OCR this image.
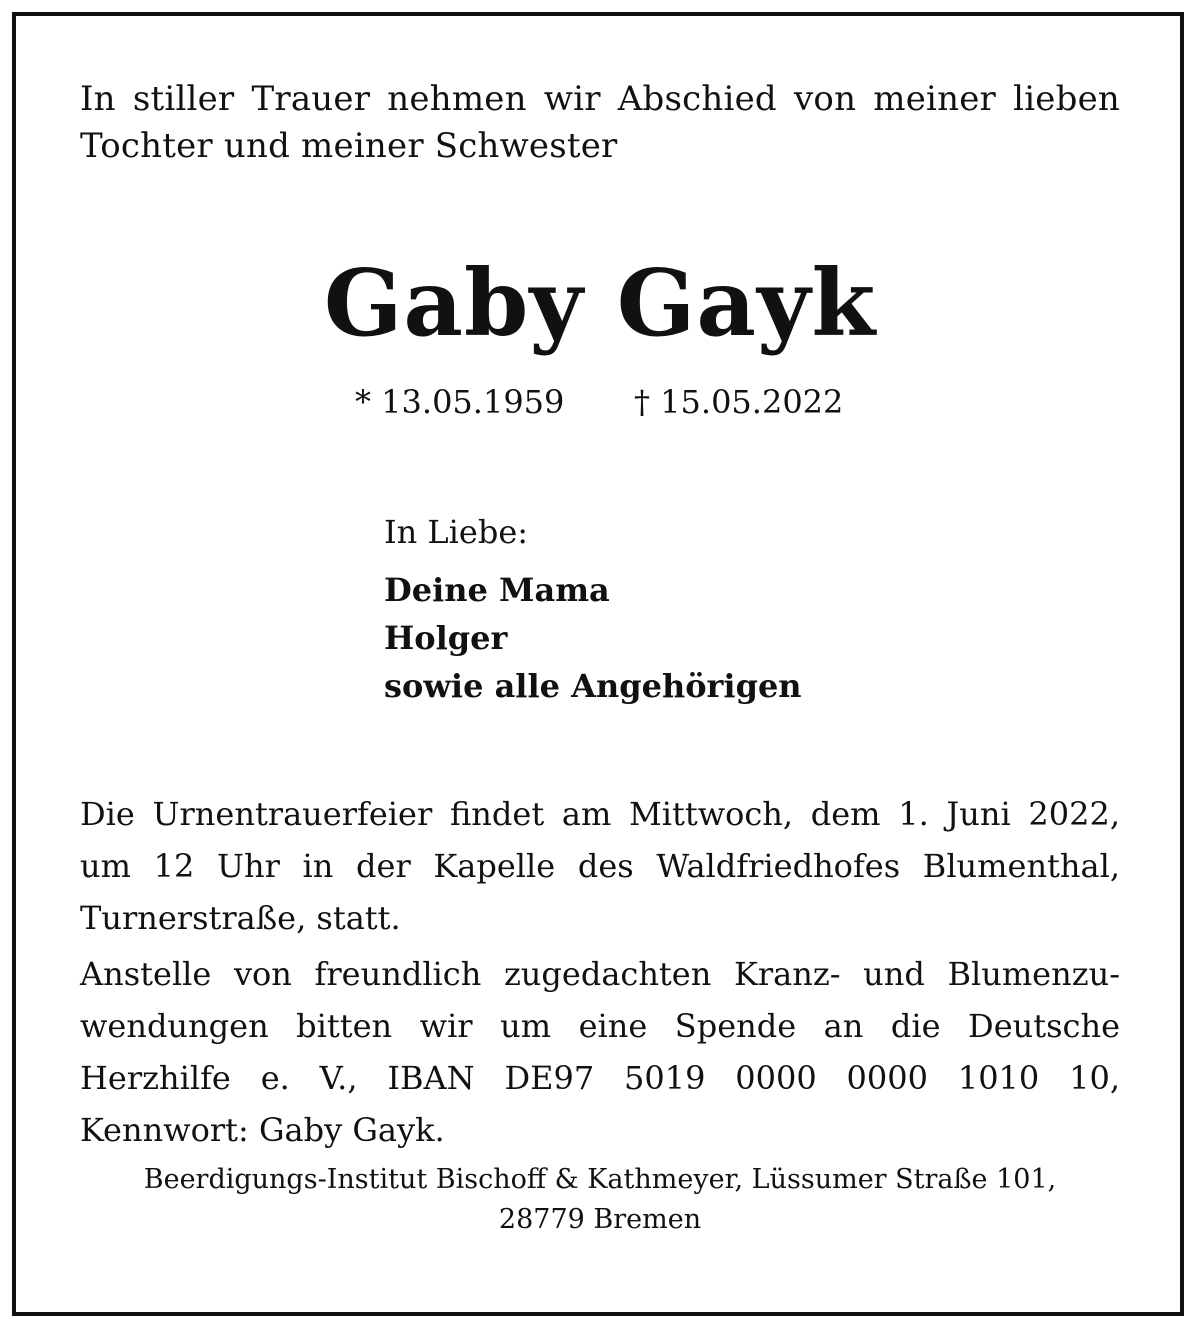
In stiller Trauer nehmen wir Abschied von meiner lieben Tochter und meiner Schwester
Gaby Gayk
* 13.05.1959 † 15.05.2022
In Liebe:
Deine Mama
Holger
sowie alle Angehörigen
Die Urnentrauerfeier findet am Mittwoch, dem 1. Juni 2022, um 12 Uhr in der Kapelle des Waldfriedhofes Blumenthal, Turnerstraße, statt.
Anstelle von freundlich zugedachten Kranz- und Blumenzuwendungen bitten wir um eine Spende an die Deutsche Herzhilfe e. V., IBAN DE97 5019 0000 0000 1010 10, Kennwort: Gaby Gayk.
Beerdigungs-Institut Bischoff & Kathmeyer, Lüssumer Straße 101,
28779 Bremen
